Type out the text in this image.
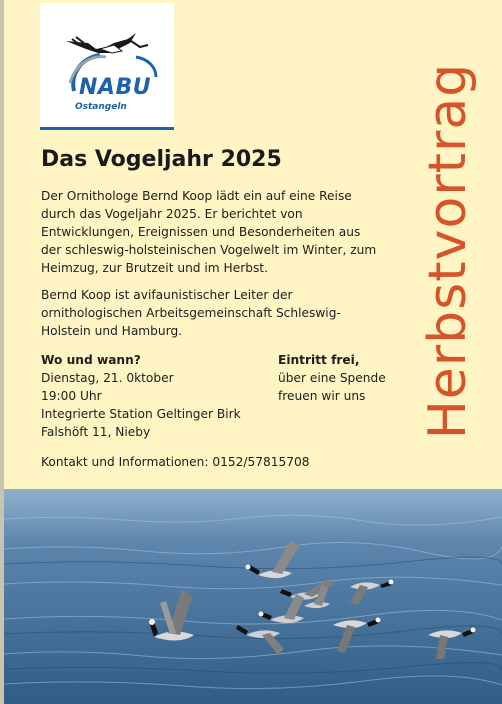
NABU
Ostangeln
Das Vogeljahr 2025
Der Ornithologe Bernd Koop lädt ein auf eine Reise
durch das Vogeljahr 2025. Er berichtet von
Entwicklungen, Ereignissen und Besonderheiten aus
der schleswig-holsteinischen Vogelwelt im Winter, zum
Heimzug, zur Brutzeit und im Herbst.
Bernd Koop ist avifaunistischer Leiter der
ornithologischen Arbeitsgemeinschaft Schleswig-
Holstein und Hamburg.
Wo und wann?
Dienstag, 21. 0ktober
19:00 Uhr
Integrierte Station Geltinger Birk
Falshöft 11, Nieby
Eintritt frei,
über eine Spende
freuen wir uns
Kontakt und Informationen: 0152/57815708
Herbstvortrag
